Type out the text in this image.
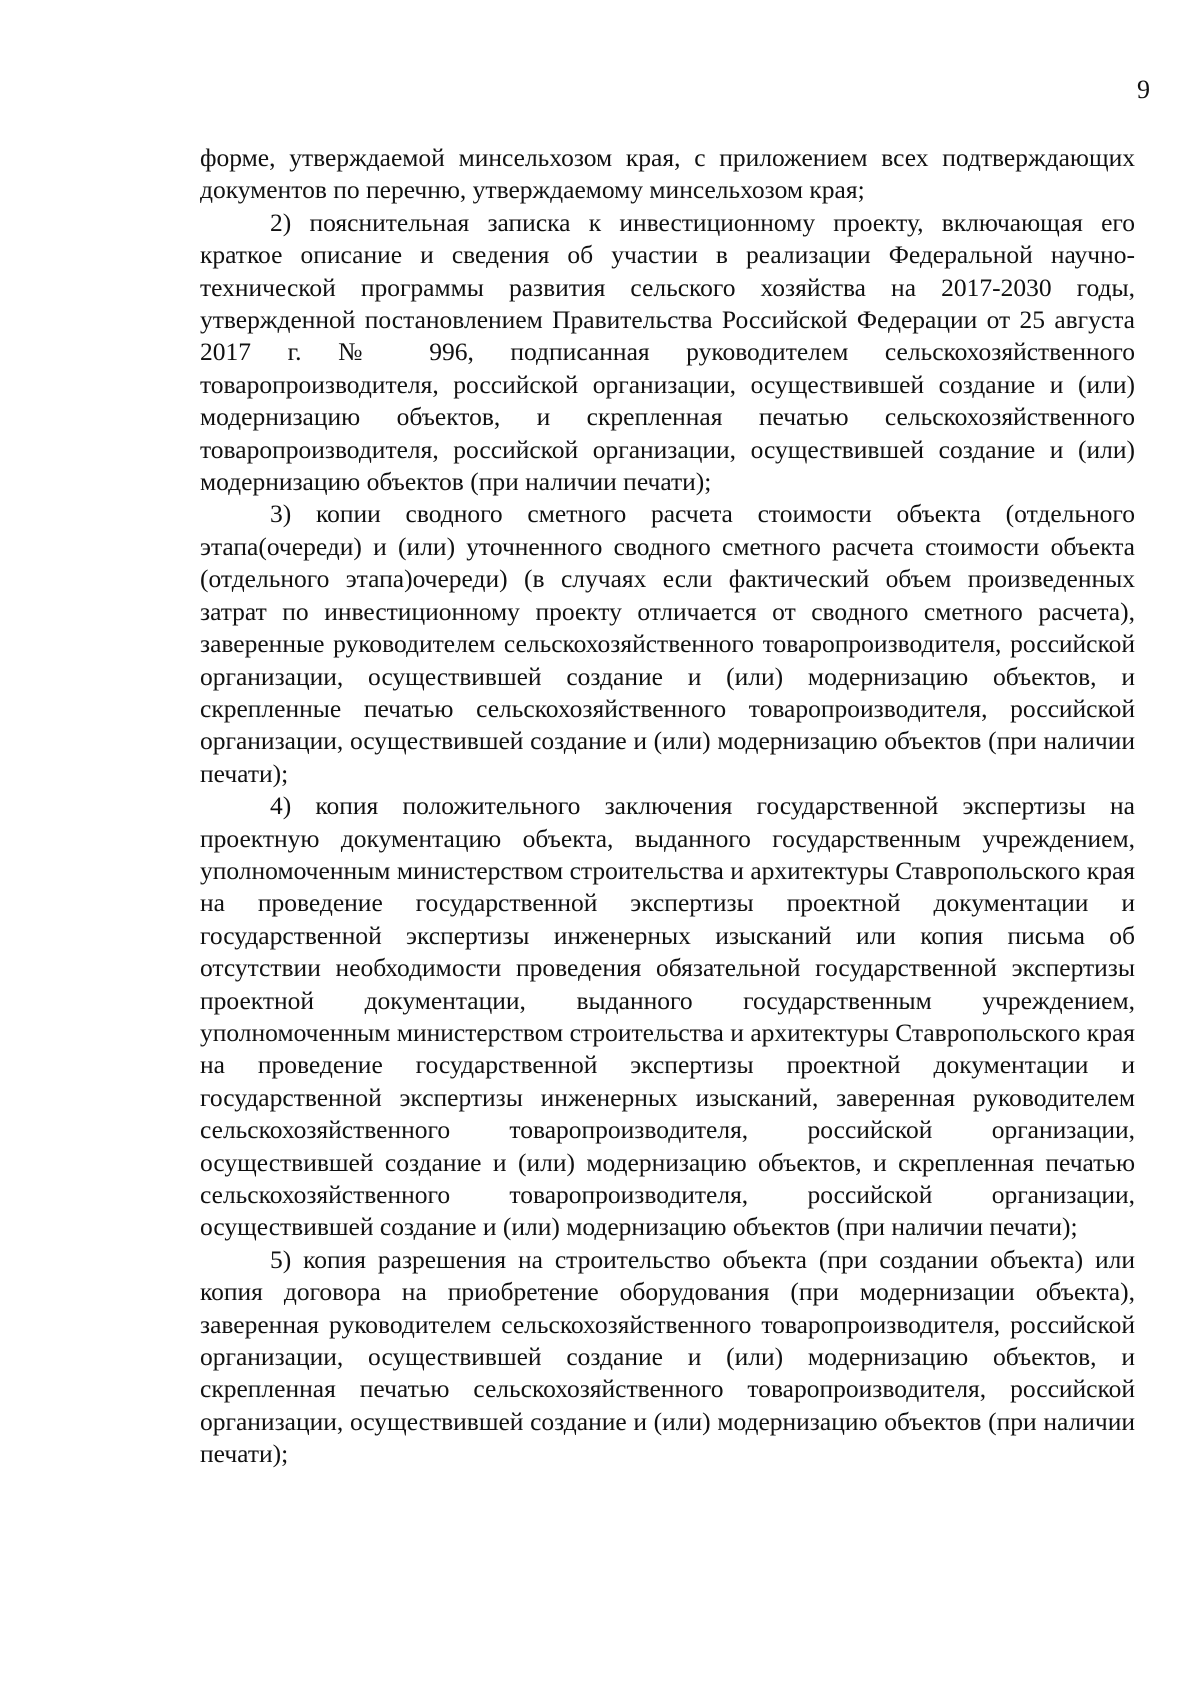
9

форме, утверждаемой минсельхозом края, с приложением всех подтверждающих документов по перечню, утверждаемому минсельхозом края;

2) пояснительная записка к инвестиционному проекту, включающая его краткое описание и сведения об участии в реализации Федеральной научно-технической программы развития сельского хозяйства на 2017-2030 годы, утвержденной постановлением Правительства Российской Федерации от 25 августа 2017 г. № 996, подписанная руководителем сельскохозяйственного товаропроизводителя, российской организации, осуществившей создание и (или) модернизацию объектов, и скрепленная печатью сельскохозяйственного товаропроизводителя, российской организации, осуществившей создание и (или) модернизацию объектов (при наличии печати);

3) копии сводного сметного расчета стоимости объекта (отдельного этапа(очереди) и (или) уточненного сводного сметного расчета стоимости объекта (отдельного этапа)очереди) (в случаях если фактический объем произведенных затрат по инвестиционному проекту отличается от сводного сметного расчета), заверенные руководителем сельскохозяйственного товаропроизводителя, российской организации, осуществившей создание и (или) модернизацию объектов, и скрепленные печатью сельскохозяйственного товаропроизводителя, российской организации, осуществившей создание и (или) модернизацию объектов (при наличии печати);

4) копия положительного заключения государственной экспертизы на проектную документацию объекта, выданного государственным учреждением, уполномоченным министерством строительства и архитектуры Ставропольского края на проведение государственной экспертизы проектной документации и государственной экспертизы инженерных изысканий или копия письма об отсутствии необходимости проведения обязательной государственной экспертизы проектной документации, выданного государственным учреждением, уполномоченным министерством строительства и архитектуры Ставропольского края на проведение государственной экспертизы проектной документации и государственной экспертизы инженерных изысканий, заверенная руководителем сельскохозяйственного товаропроизводителя, российской организации, осуществившей создание и (или) модернизацию объектов, и скрепленная печатью сельскохозяйственного товаропроизводителя, российской организации, осуществившей создание и (или) модернизацию объектов (при наличии печати);

5) копия разрешения на строительство объекта (при создании объекта) или копия договора на приобретение оборудования (при модернизации объекта), заверенная руководителем сельскохозяйственного товаропроизводителя, российской организации, осуществившей создание и (или) модернизацию объектов, и скрепленная печатью сельскохозяйственного товаропроизводителя, российской организации, осуществившей создание и (или) модернизацию объектов (при наличии печати);
